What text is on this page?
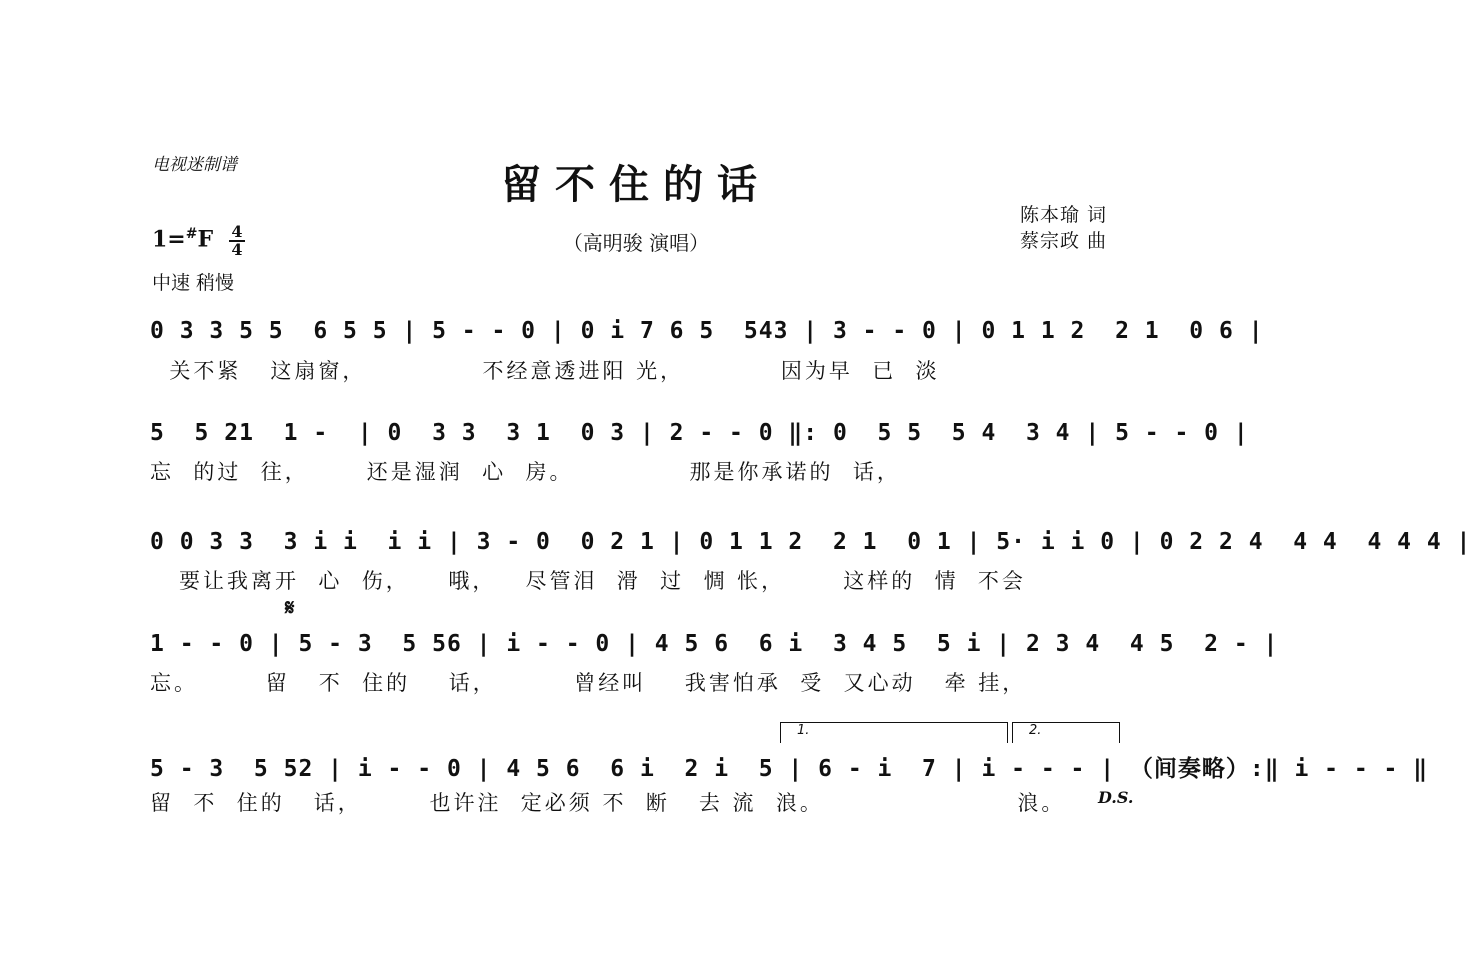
电视迷制谱	留不住的话
（高明骏 演唱）
陈本瑜 词
蔡宗政 曲
1=#F 4
4
中速 稍慢
0 3 3 5 5  6 5 5 | 5 - - 0 | 0 i 7 6 5  543 | 3 - - 0 | 0 1 1 2  2 1  0 6 |
关不紧   这扇窗，            不经意透进阳 光，          因为早  已  淡
5  5 21  1 -  | 0  3 3  3 1  0 3 | 2 - - 0 ‖: 0  5 5  5 4  3 4 | 5 - - 0 |
忘  的过  往，      还是湿润  心  房。            那是你承诺的  话，
0 0 3 3  3 i i  i i | 3 - 0  0 2 1 | 0 1 1 2  2 1  0 1 | 5· i i 0 | 0 2 2 4  4 4  4 4 4 |
要让我离开  心  伤，    哦，   尽管泪  滑  过  惆 怅，      这样的  情  不会
𝄋
1 - - 0 | 5 - 3  5 56 | i - - 0 | 4 5 6  6 i  3 4 5  5 i | 2 3 4  4 5  2 - |
忘。       留   不  住的    话，        曾经叫    我害怕承  受  又心动   牵 挂，
1.	2.
5 - 3  5 52 | i - - 0 | 4 5 6  6 i  2 i  5 | 6 - i  7 | i - - - | （间奏略）:‖ i - - - ‖
留  不  住的   话，       也许注  定必须 不  断   去 流  浪。                    浪。	D.S.
